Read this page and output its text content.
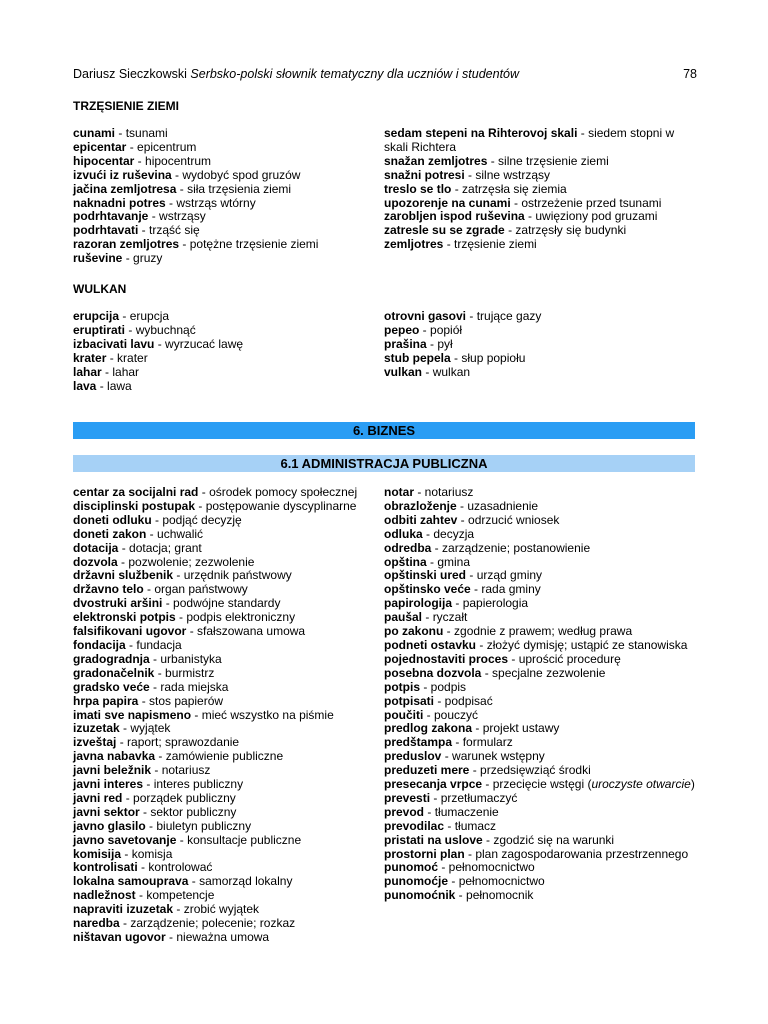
Dariusz Sieczkowski Serbsko-polski słownik tematyczny dla uczniów i studentów	78
TRZĘSIENIE ZIEMI
cunami - tsunami
epicentar - epicentrum
hipocentar - hipocentrum
izvući iz ruševina - wydobyć spod gruzów
jačina zemljotresa - siła trzęsienia ziemi
naknadni potres - wstrząs wtórny
podrhtavanje - wstrząsy
podrhtavati - trząść się
razoran zemljotres - potężne trzęsienie ziemi
ruševine - gruzy
sedam stepeni na Rihterovoj skali - siedem stopni w skali Richtera
snažan zemljotres - silne trzęsienie ziemi
snažni potresi - silne wstrząsy
treslo se tlo - zatrzęsła się ziemia
upozorenje na cunami - ostrzeżenie przed tsunami
zarobljen ispod ruševina - uwięziony pod gruzami
zatresle su se zgrade - zatrzęsły się budynki
zemljotres - trzęsienie ziemi
WULKAN
erupcija - erupcja
eruptirati - wybuchnąć
izbacivati lavu - wyrzucać lawę
krater - krater
lahar - lahar
lava - lawa
otrovni gasovi - trujące gazy
pepeo - popiół
prašina - pył
stub pepela - słup popiołu
vulkan - wulkan
6. BIZNES
6.1 ADMINISTRACJA PUBLICZNA
centar za socijalni rad - ośrodek pomocy społecznej
disciplinski postupak - postępowanie dyscyplinarne
doneti odluku - podjąć decyzję
doneti zakon - uchwalić
dotacija - dotacja; grant
dozvola - pozwolenie; zezwolenie
državni službenik - urzędnik państwowy
državno telo - organ państwowy
dvostruki aršini - podwójne standardy
elektronski potpis - podpis elektroniczny
falsifikovani ugovor - sfałszowana umowa
fondacija - fundacja
gradogradnja - urbanistyka
gradonačelnik - burmistrz
gradsko veće - rada miejska
hrpa papira - stos papierów
imati sve napismeno - mieć wszystko na piśmie
izuzetak - wyjątek
izveštaj - raport; sprawozdanie
javna nabavka - zamówienie publiczne
javni beležnik - notariusz
javni interes - interes publiczny
javni red - porządek publiczny
javni sektor - sektor publiczny
javno glasilo - biuletyn publiczny
javno savetovanje - konsultacje publiczne
komisija - komisja
kontrolisati - kontrolować
lokalna samouprava - samorząd lokalny
nadležnost - kompetencje
napraviti izuzetak - zrobić wyjątek
naredba - zarządzenie; polecenie; rozkaz
ništavan ugovor - nieważna umowa
notar - notariusz
obrazloženje - uzasadnienie
odbiti zahtev - odrzucić wniosek
odluka - decyzja
odredba - zarządzenie; postanowienie
opština - gmina
opštinski ured - urząd gminy
opštinsko veće - rada gminy
papirologija - papierologia
paušal - ryczałt
po zakonu - zgodnie z prawem; według prawa
podneti ostavku - złożyć dymisję; ustąpić ze stanowiska
pojednostaviti proces - uprościć procedurę
posebna dozvola - specjalne zezwolenie
potpis - podpis
potpisati - podpisać
poučiti - pouczyć
predlog zakona - projekt ustawy
predštampa - formularz
preduslov - warunek wstępny
preduzeti mere - przedsięwziąć środki
presecanja vrpce - przecięcie wstęgi (uroczyste otwarcie)
prevesti - przetłumaczyć
prevod - tłumaczenie
prevodilac - tłumacz
pristati na uslove - zgodzić się na warunki
prostorni plan - plan zagospodarowania przestrzennego
punomoć - pełnomocnictwo
punomoćje - pełnomocnictwo
punomoćnik - pełnomocnik
